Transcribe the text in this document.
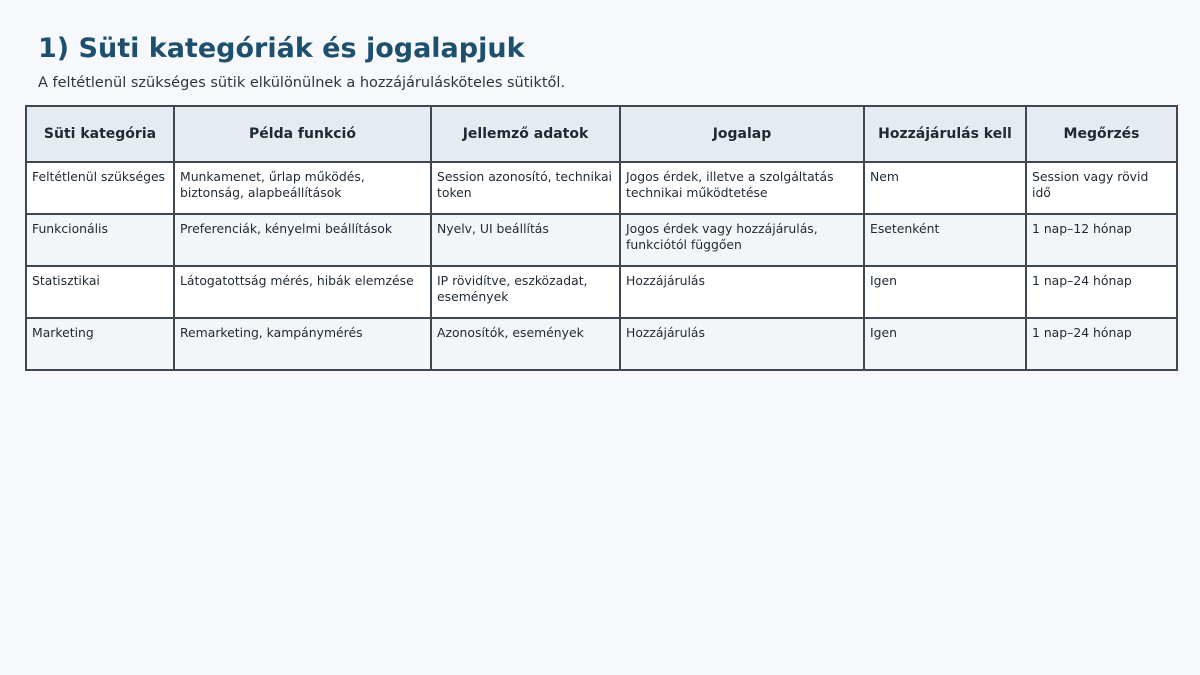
1) Süti kategóriák és jogalapjuk

A feltétlenül szükséges sütik elkülönülnek a hozzájárulásköteles sütiktől.

Süti kategória	Példa funkció	Jellemző adatok	Jogalap	Hozzájárulás kell	Megőrzés
Feltétlenül szükséges	Munkamenet, űrlap működés, biztonság, alapbeállítások	Session azonosító, technikai token	Jogos érdek, illetve a szolgáltatás technikai működtetése	Nem	Session vagy rövid idő
Funkcionális	Preferenciák, kényelmi beállítások	Nyelv, UI beállítás	Jogos érdek vagy hozzájárulás, funkciótól függően	Esetenként	1 nap–12 hónap
Statisztikai	Látogatottság mérés, hibák elemzése	IP rövidítve, eszközadat, események	Hozzájárulás	Igen	1 nap–24 hónap
Marketing	Remarketing, kampánymérés	Azonosítók, események	Hozzájárulás	Igen	1 nap–24 hónap
